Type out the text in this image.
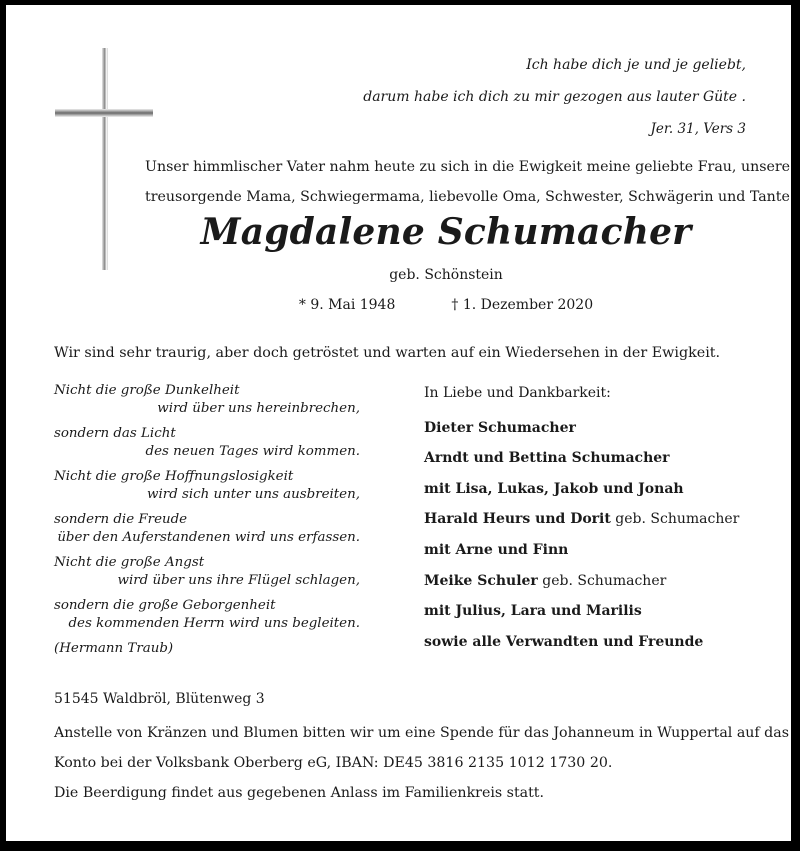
Ich habe dich je und je geliebt,
darum habe ich dich zu mir gezogen aus lauter Güte .
Jer. 31, Vers 3
Unser himmlischer Vater nahm heute zu sich in die Ewigkeit meine geliebte Frau, unsere
treusorgende Mama, Schwiegermama, liebevolle Oma, Schwester, Schwägerin und Tante
Magdalene Schumacher
geb. Schönstein
* 9. Mai 1948	† 1. Dezember 2020
Wir sind sehr traurig, aber doch getröstet und warten auf ein Wiedersehen in der Ewigkeit.
Nicht die große Dunkelheit
wird über uns hereinbrechen,
sondern das Licht
des neuen Tages wird kommen.
Nicht die große Hoffnungslosigkeit
wird sich unter uns ausbreiten,
sondern die Freude
über den Auferstandenen wird uns erfassen.
Nicht die große Angst
wird über uns ihre Flügel schlagen,
sondern die große Geborgenheit
des kommenden Herrn wird uns begleiten.
(Hermann Traub)
In Liebe und Dankbarkeit:
Dieter Schumacher
Arndt und Bettina Schumacher
mit Lisa, Lukas, Jakob und Jonah
Harald Heurs und Dorit geb. Schumacher
mit Arne und Finn
Meike Schuler geb. Schumacher
mit Julius, Lara und Marilis
sowie alle Verwandten und Freunde
51545 Waldbröl, Blütenweg 3
Anstelle von Kränzen und Blumen bitten wir um eine Spende für das Johanneum in Wuppertal auf das
Konto bei der Volksbank Oberberg eG, IBAN: DE45 3816 2135 1012 1730 20.
Die Beerdigung findet aus gegebenen Anlass im Familienkreis statt.
